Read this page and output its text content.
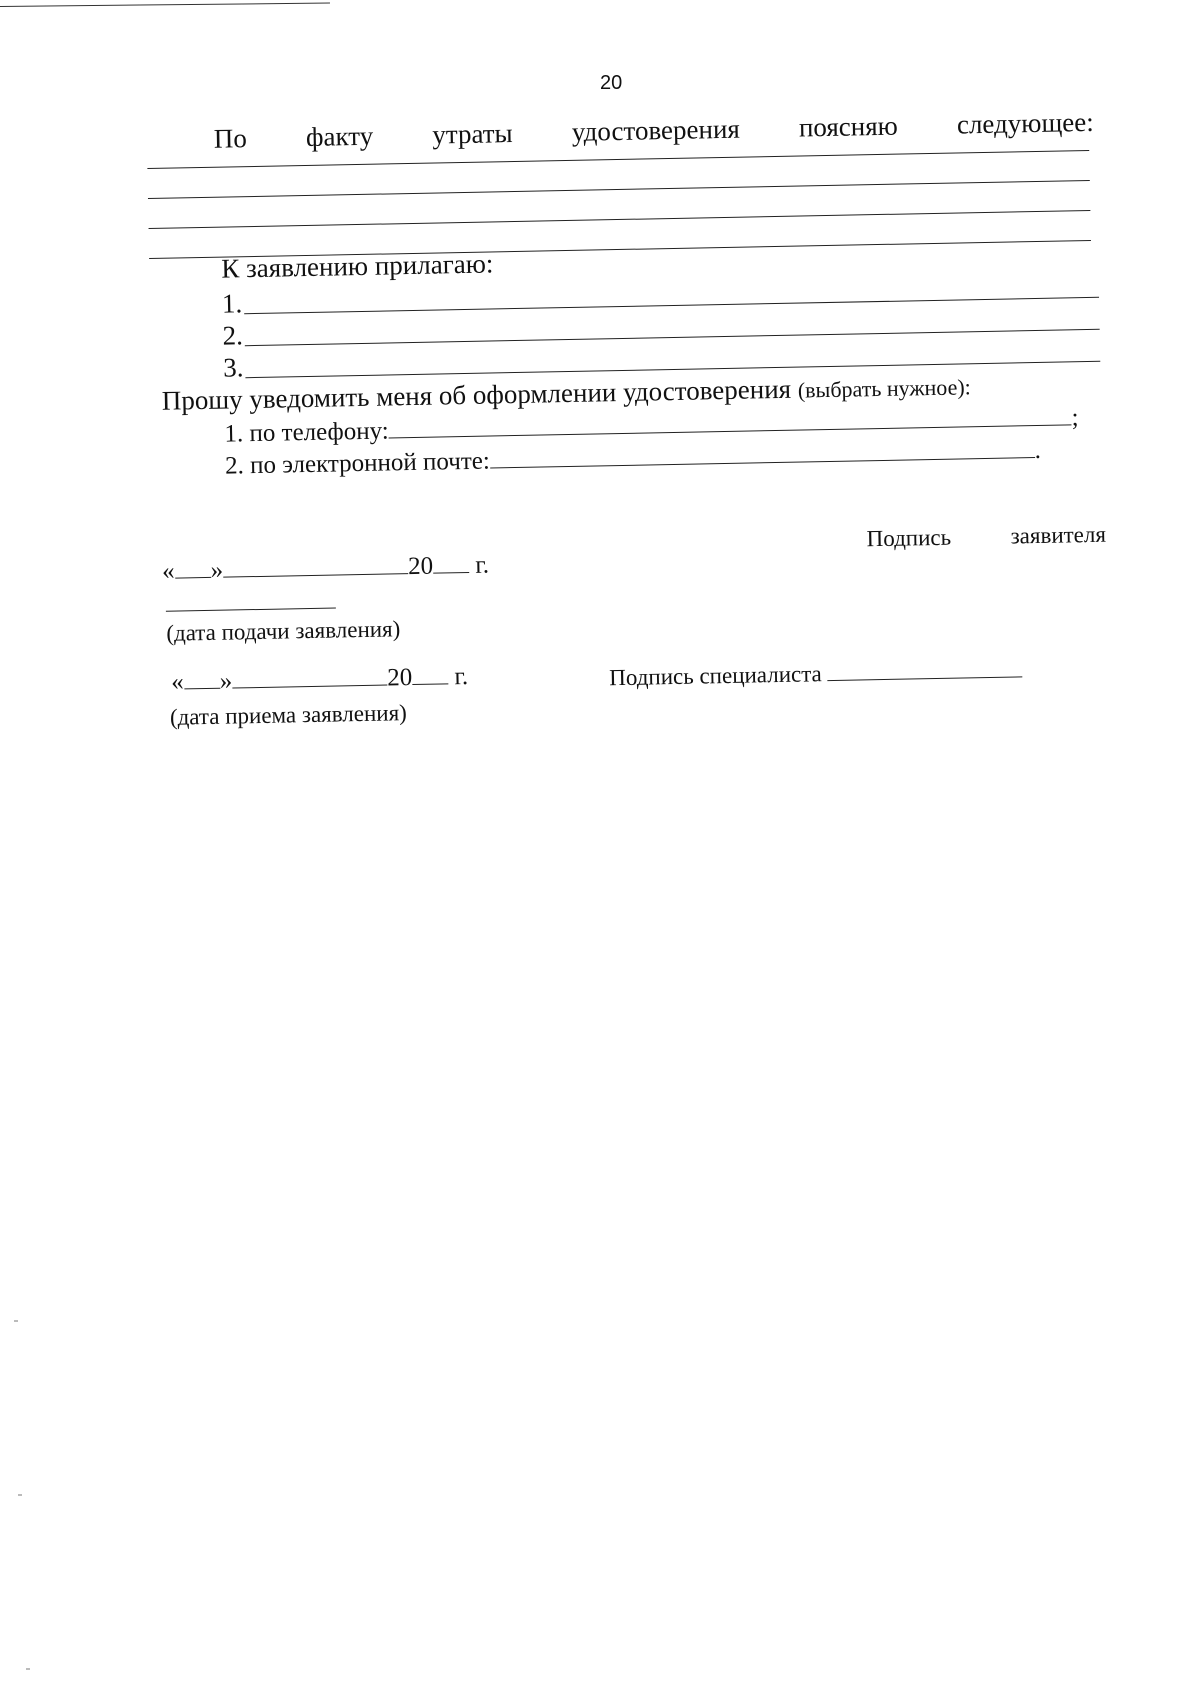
20
По факту утраты удостоверения поясняю следующее:
К заявлению прилагаю:
1.
2.
3.
Прошу уведомить меня об оформлении удостоверения (выбрать нужное):
1. по телефону:	;
2. по электронной почте:	.
Подпись	заявителя
« »	20 г.
(дата подачи заявления)
« »	20 г.	Подпись специалиста
(дата приема заявления)
